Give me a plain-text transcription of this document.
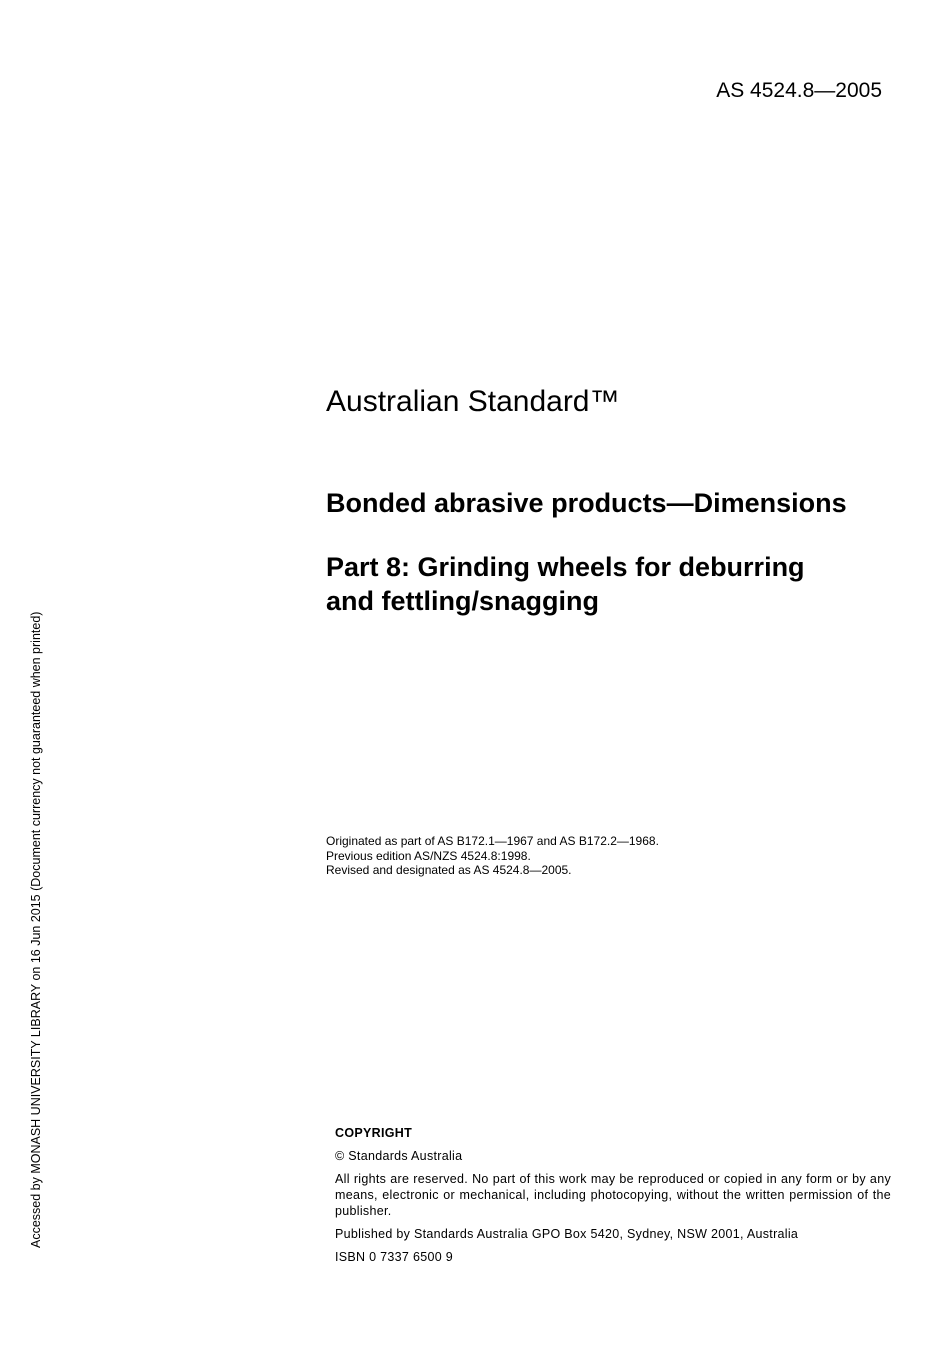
AS 4524.8—2005
Australian Standard™
Bonded abrasive products—Dimensions
Part 8: Grinding wheels for deburring
and fettling/snagging
Originated as part of AS B172.1—1967 and AS B172.2—1968.
Previous edition AS/NZS 4524.8:1998.
Revised and designated as AS 4524.8—2005.
COPYRIGHT
© Standards Australia
All rights are reserved. No part of this work may be reproduced or copied in any form or by any means, electronic or mechanical, including photocopying, without the written permission of the publisher.
Published by Standards Australia GPO Box 5420, Sydney, NSW 2001, Australia
ISBN 0 7337 6500 9
Accessed by MONASH UNIVERSITY LIBRARY on 16 Jun 2015 (Document currency not guaranteed when printed)
